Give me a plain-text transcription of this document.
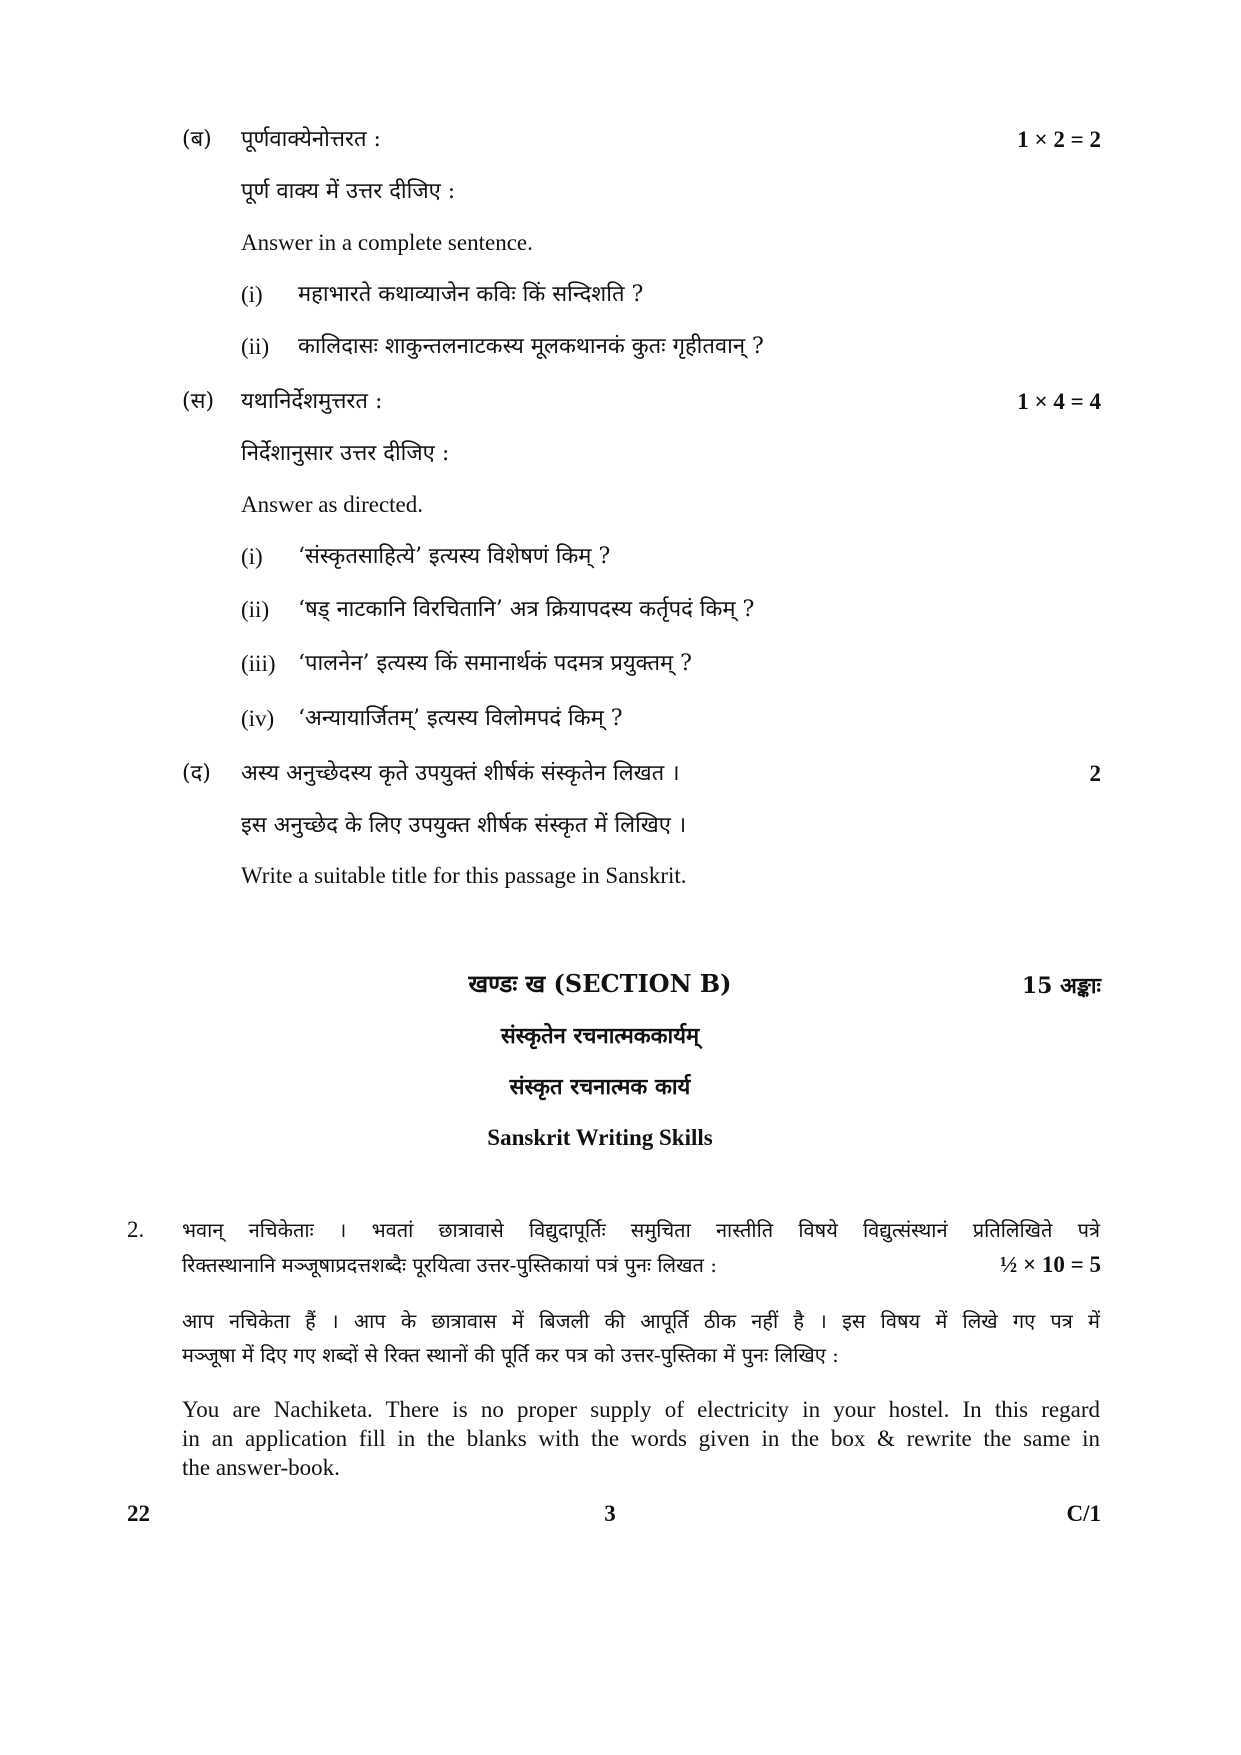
(ब) पूर्णवाक्येनोत्तरत :	1 × 2 = 2
पूर्ण वाक्य में उत्तर दीजिए :
Answer in a complete sentence.
(i) महाभारते कथाव्याजेन कविः किं सन्दिशति ?
(ii) कालिदासः शाकुन्तलनाटकस्य मूलकथानकं कुतः गृहीतवान् ?
(स) यथानिर्देशमुत्तरत :	1 × 4 = 4
निर्देशानुसार उत्तर दीजिए :
Answer as directed.
(i) ‘संस्कृतसाहित्ये’ इत्यस्य विशेषणं किम् ?
(ii) ‘षड् नाटकानि विरचितानि’ अत्र क्रियापदस्य कर्तृपदं किम् ?
(iii) ‘पालनेन’ इत्यस्य किं समानार्थकं पदमत्र प्रयुक्तम् ?
(iv) ‘अन्यायार्जितम्’ इत्यस्य विलोमपदं किम् ?
(द) अस्य अनुच्छेदस्य कृते उपयुक्तं शीर्षकं संस्कृतेन लिखत ।	2
इस अनुच्छेद के लिए उपयुक्त शीर्षक संस्कृत में लिखिए ।
Write a suitable title for this passage in Sanskrit.
खण्डः ख (SECTION B)	15 अङ्काः
संस्कृतेन रचनात्मककार्यम्
संस्कृत रचनात्मक कार्य
Sanskrit Writing Skills
2. भवान् नचिकेताः । भवतां छात्रावासे विद्युदापूर्तिः समुचिता नास्तीति विषये विद्युत्संस्थानं प्रतिलिखिते पत्रे
रिक्तस्थानानि मञ्जूषाप्रदत्तशब्दैः पूरयित्वा उत्तर-पुस्तिकायां पत्रं पुनः लिखत :	½ × 10 = 5
आप नचिकेता हैं । आप के छात्रावास में बिजली की आपूर्ति ठीक नहीं है । इस विषय में लिखे गए पत्र में
मञ्जूषा में दिए गए शब्दों से रिक्त स्थानों की पूर्ति कर पत्र को उत्तर-पुस्तिका में पुनः लिखिए :
You are Nachiketa. There is no proper supply of electricity in your hostel. In this regard
in an application fill in the blanks with the words given in the box & rewrite the same in
the answer-book.
22	3	C/1
